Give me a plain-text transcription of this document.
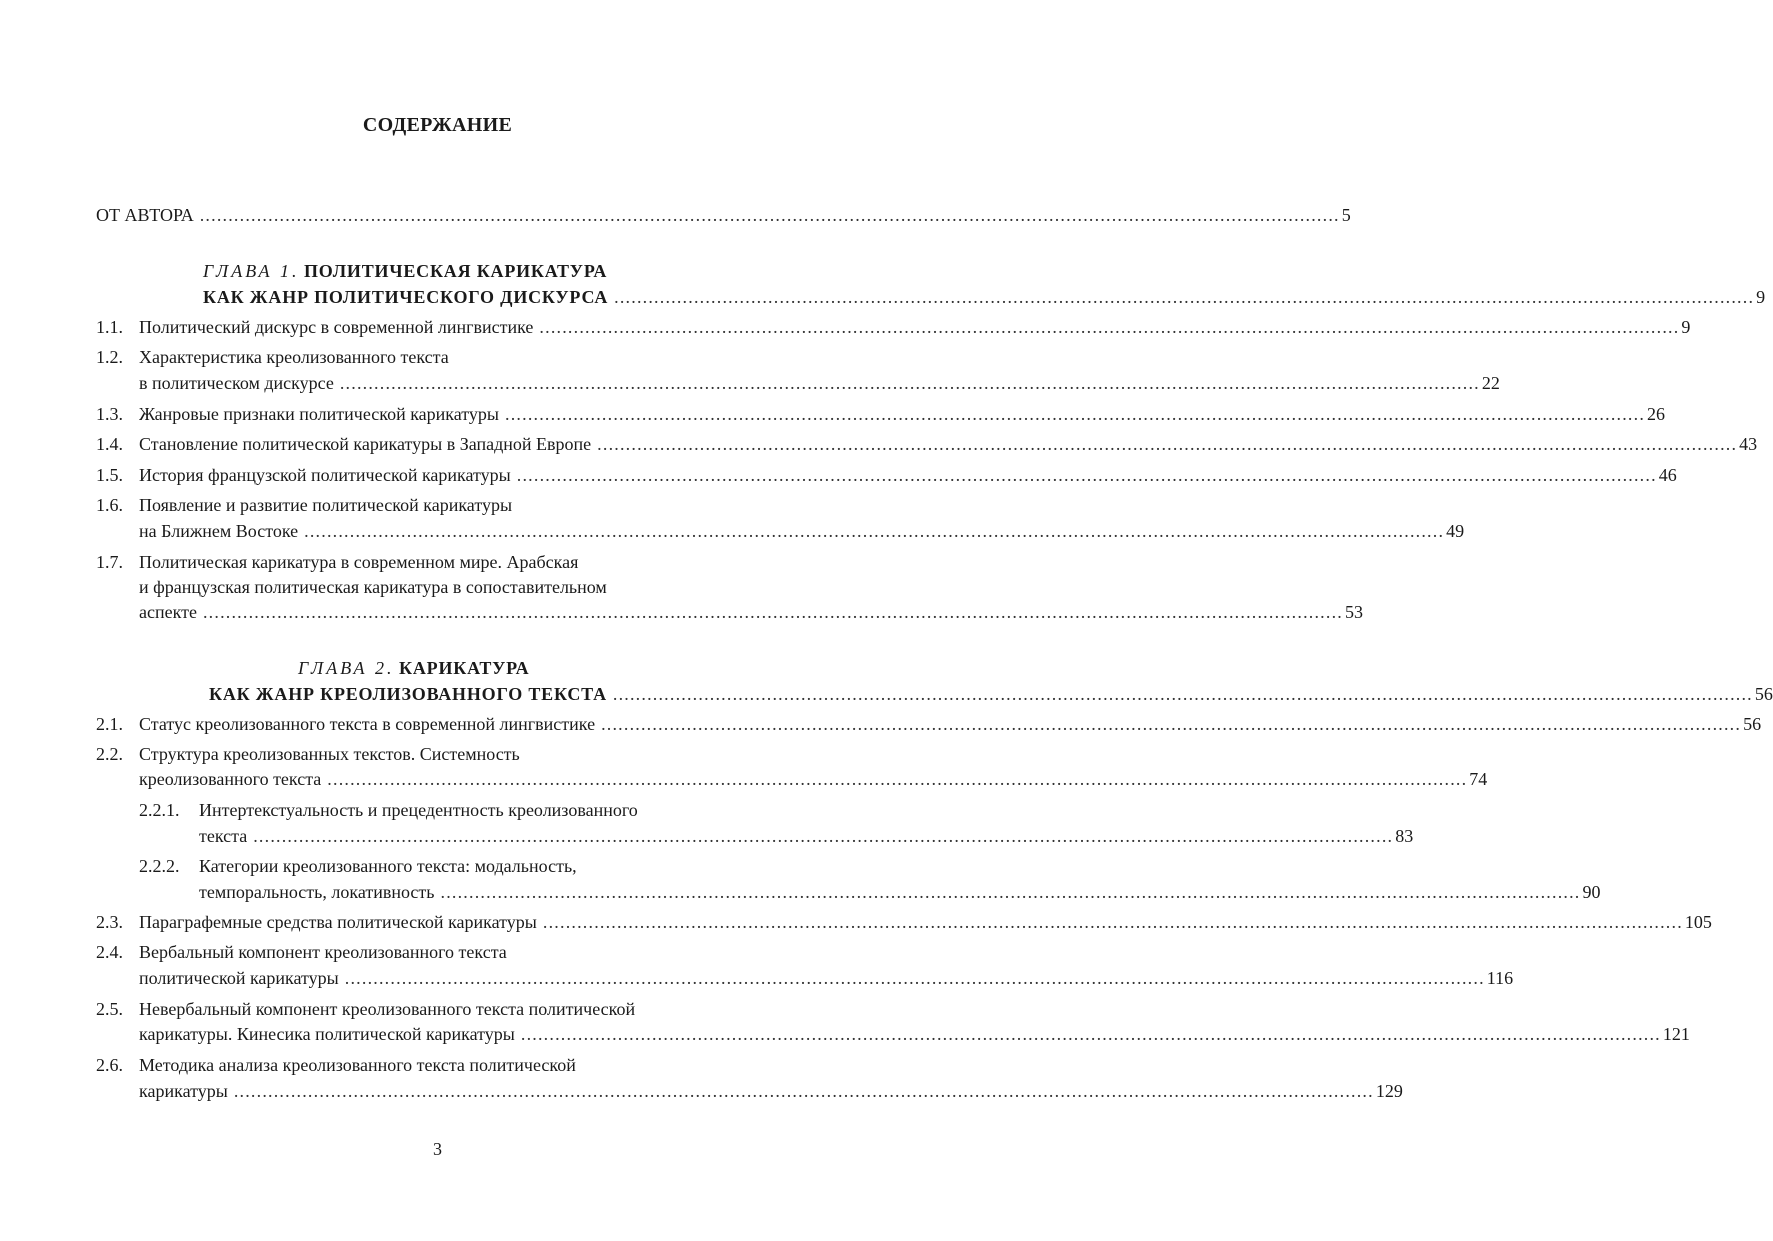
СОДЕРЖАНИЕ
ОТ АВТОРА ........................................................................................................................................................................................................ 5
ГЛАВА 1. ПОЛИТИЧЕСКАЯ КАРИКАТУРА
КАК ЖАНР ПОЛИТИЧЕСКОГО ДИСКУРСА ........................................................................................................................................................................................................ 9
1.1. Политический дискурс в современной лингвистике ........................................................................................................................................................................................................ 9
1.2. Характеристика креолизованного текста
в политическом дискурсе ........................................................................................................................................................................................................ 22
1.3. Жанровые признаки политической карикатуры ........................................................................................................................................................................................................ 26
1.4. Становление политической карикатуры в Западной Европе ........................................................................................................................................................................................................ 43
1.5. История французской политической карикатуры ........................................................................................................................................................................................................ 46
1.6. Появление и развитие политической карикатуры
на Ближнем Востоке ........................................................................................................................................................................................................ 49
1.7. Политическая карикатура в современном мире. Арабская
и французская политическая карикатура в сопоставительном
аспекте ........................................................................................................................................................................................................ 53
ГЛАВА 2. КАРИКАТУРА
КАК ЖАНР КРЕОЛИЗОВАННОГО ТЕКСТА ........................................................................................................................................................................................................ 56
2.1. Статус креолизованного текста в современной лингвистике ........................................................................................................................................................................................................ 56
2.2. Структура креолизованных текстов. Системность
креолизованного текста ........................................................................................................................................................................................................ 74
2.2.1. Интертекстуальность и прецедентность креолизованного
текста ........................................................................................................................................................................................................ 83
2.2.2. Категории креолизованного текста: модальность,
темпоральность, локативность ........................................................................................................................................................................................................ 90
2.3. Параграфемные средства политической карикатуры ........................................................................................................................................................................................................ 105
2.4. Вербальный компонент креолизованного текста
политической карикатуры ........................................................................................................................................................................................................ 116
2.5. Невербальный компонент креолизованного текста политической
карикатуры. Кинесика политической карикатуры ........................................................................................................................................................................................................ 121
2.6. Методика анализа креолизованного текста политической
карикатуры ........................................................................................................................................................................................................ 129
3
